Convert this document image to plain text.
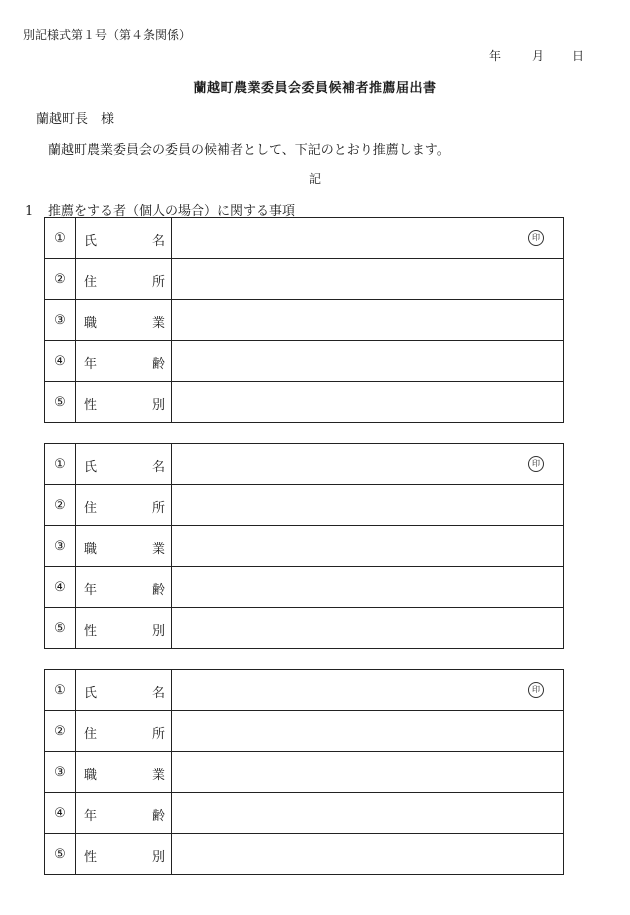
別記様式第１号（第４条関係）
年	月 日
蘭越町農業委員会委員候補者推薦届出書
蘭越町長　様
蘭越町農業委員会の委員の候補者として、下記のとおり推薦します。
記
1 推薦をする者（個人の場合）に関する事項
①	氏 名	印

②	住 所	

③	職 業	

④	年 齢	

⑤	性 別	

①	氏 名	印

②	住 所	

③	職 業	

④	年 齢	

⑤	性 別	

①	氏 名	印

②	住 所	

③	職 業	

④	年 齢	

⑤	性 別	
